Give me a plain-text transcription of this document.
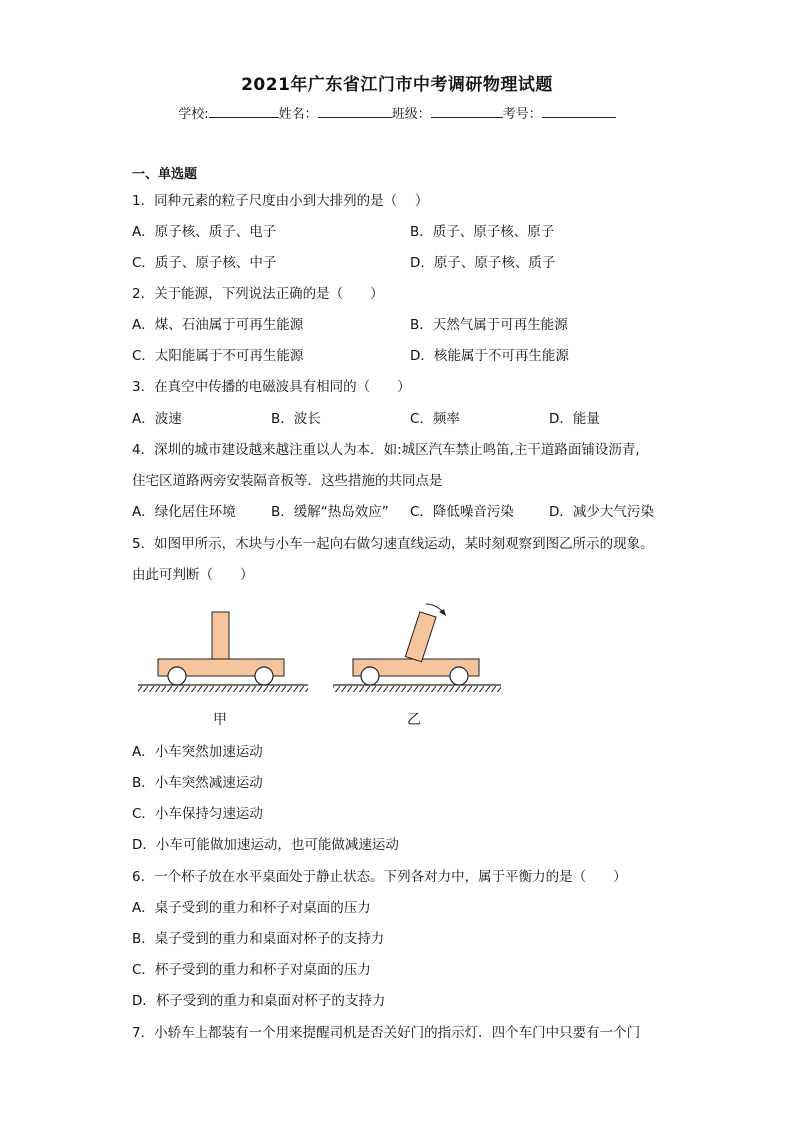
2021年广东省江门市中考调研物理试题
学校:	姓名：	班级：	考号：
一、单选题
1．同种元素的粒子尺度由小到大排列的是（　 ）
A．原子核、质子、电子	B．质子、原子核、原子
C．质子、原子核、中子	D．原子、原子核、质子
2．关于能源，下列说法正确的是（　　）
A．煤、石油属于可再生能源	B．天然气属于可再生能源
C．太阳能属于不可再生能源	D．核能属于不可再生能源
3．在真空中传播的电磁波具有相同的（　　）
A．波速	B．波长	C．频率	D．能量
4．深圳的城市建设越来越注重以人为本．如:城区汽车禁止鸣笛,主干道路面铺设沥青,
住宅区道路两旁安装隔音板等．这些措施的共同点是
A．绿化居住环境	B．缓解“热岛效应” C．降低噪音污染	D．减少大气污染
5．如图甲所示，木块与小车一起向右做匀速直线运动，某时刻观察到图乙所示的现象。
由此可判断（　　）
甲	乙
A．小车突然加速运动
B．小车突然减速运动
C．小车保持匀速运动
D．小车可能做加速运动，也可能做减速运动
6．一个杯子放在水平桌面处于静止状态。下列各对力中，属于平衡力的是（　　）
A．桌子受到的重力和杯子对桌面的压力
B．桌子受到的重力和桌面对杯子的支持力
C．杯子受到的重力和杯子对桌面的压力
D．杯子受到的重力和桌面对杯子的支持力
7．小轿车上都装有一个用来提醒司机是否关好门的指示灯．四个车门中只要有一个门
